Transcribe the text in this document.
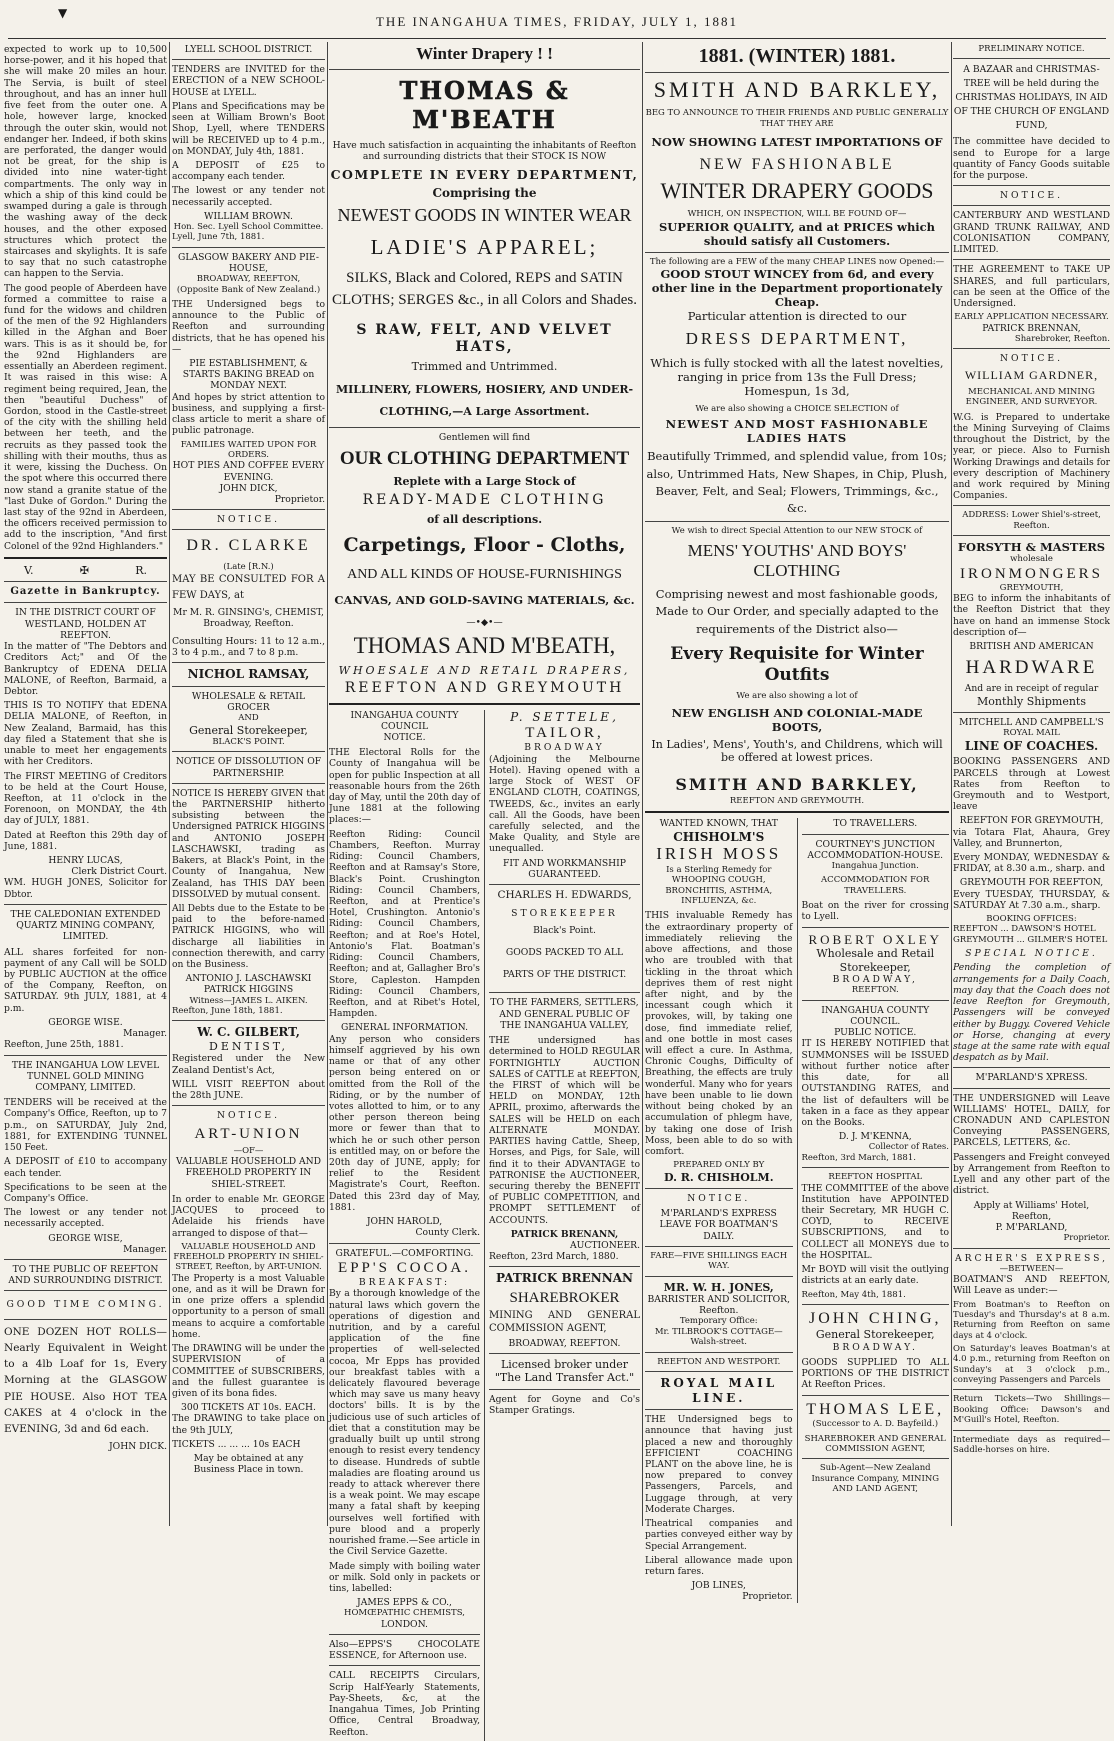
▼
THE INANGAHUA TIMES, FRIDAY, JULY 1, 1881

expected to work up to 10,500 horse-power, and it his hoped that she will make 20 miles an hour. The Servia, is built of steel throughout, and has an inner hull five feet from the outer one. A hole, however large, knocked through the outer skin, would not endanger her. Indeed, if both skins are perforated, the danger would not be great, for the ship is divided into nine water-tight compartments. The only way in which a ship of this kind could be swamped during a gale is through the washing away of the deck houses, and the other exposed structures which protect the staircases and skylights. It is safe to say that no such catastrophe can happen to the Servia.

The good people of Aberdeen have formed a committee to raise a fund for the widows and children of the men of the 92 Highlanders killed in the Afghan and Boer wars. This is as it should be, for the 92nd Highlanders are essentially an Aberdeen regiment. It was raised in this wise: A regiment being required, Jean, the then "beautiful Duchess" of Gordon, stood in the Castle-street of the city with the shilling held between her teeth, and the recruits as they passed took the shilling with their mouths, thus as it were, kissing the Duchess. On the spot where this occurred there now stand a granite statue of the "last Duke of Gordon." During the last stay of the 92nd in Aberdeen, the officers received permission to add to the inscription, "And first Colonel of the 92nd Highlanders."

V.	✠	R.
Gazette in Bankruptcy.
IN THE DISTRICT COURT OF WESTLAND, HOLDEN AT REEFTON.

In the matter of "The Debtors and Creditors Act;" and Of the Bankruptcy of EDENA DELIA MALONE, of Reefton, Barmaid, a Debtor.

THIS IS TO NOTIFY that EDENA DELIA MALONE, of Reefton, in New Zealand, Barmaid, has this day filed a Statement that she is unable to meet her engagements with her Creditors.

The FIRST MEETING of Creditors to be held at the Court House, Reefton, at 11 o'clock in the Forenoon, on MONDAY, the 4th day of JULY, 1881.

Dated at Reefton this 29th day of June, 1881.

HENRY LUCAS,
Clerk District Court.

WM. HUGH JONES, Solicitor for Dbtor.

THE CALEDONIAN EXTENDED QUARTZ MINING COMPANY, LIMITED.

ALL shares forfeited for non-payment of any Call will be SOLD by PUBLIC AUCTION at the office of the Company, Reefton, on SATURDAY. 9th JULY, 1881, at 4 p.m.

GEORGE WISE.
Manager.

Reefton, June 25th, 1881.

THE INANGAHUA LOW LEVEL TUNNEL GOLD MINING COMPANY, LIMITED.

TENDERS will be received at the Company's Office, Reefton, up to 7 p.m., on SATURDAY, July 2nd, 1881, for EXTENDING TUNNEL 150 Feet.

A DEPOSIT of £10 to accompany each tender.

Specifications to be seen at the Company's Office.

The lowest or any tender not necessarily accepted.

GEORGE WISE,
Manager.
TO THE PUBLIC OF REEFTON AND SURROUNDING DISTRICT.
GOOD TIME COMING.

ONE DOZEN HOT ROLLS— Nearly Equivalent in Weight to a 4lb Loaf for 1s, Every Morning at the GLASGOW PIE HOUSE. Also HOT TEA CAKES at 4 o'clock in the EVENING, 3d and 6d each.

JOHN DICK.
LYELL SCHOOL DISTRICT.

TENDERS are INVITED for the ERECTION of a NEW SCHOOL-HOUSE at LYELL.

Plans and Specifications may be seen at William Brown's Boot Shop, Lyell, where TENDERS will be RECEIVED up to 4 p.m., on MONDAY, July 4th, 1881.

A DEPOSIT of £25 to accompany each tender.

The lowest or any tender not necessarily accepted.

WILLIAM BROWN.
Hon. Sec. Lyell School Committee.

Lyell, June 7th, 1881.

GLASGOW BAKERY AND PIE-HOUSE,
BROADWAY, REEFTON,
(Opposite Bank of New Zealand.)

THE Undersigned begs to announce to the Public of Reefton and surrounding districts, that he has opened his—

PIE ESTABLISHMENT, & STARTS BAKING BREAD on MONDAY NEXT.

And hopes by strict attention to business, and supplying a first-class article to merit a share of public patronage.

FAMILIES WAITED UPON FOR ORDERS.
HOT PIES AND COFFEE EVERY EVENING.
JOHN DICK,
Proprietor.
NOTICE.
DR. CLARKE
(Late [R.N.)

MAY BE CONSULTED FOR A FEW DAYS, at

Mr M. R. GINSING's, CHEMIST, Broadway, Reefton.

Consulting Hours: 11 to 12 a.m., 3 to 4 p.m., and 7 to 8 p.m.

NICHOL RAMSAY,
WHOLESALE & RETAIL GROCER
AND
General Storekeeper,
BLACK'S POINT.
NOTICE OF DISSOLUTION OF PARTNERSHIP.

NOTICE IS HEREBY GIVEN that the PARTNERSHIP hitherto subsisting between the Undersigned PATRICK HIGGINS and ANTONIO JOSEPH LASCHAWSKI, trading as Bakers, at Black's Point, in the County of Inangahua, New Zealand, has THIS DAY been DISSOLVED by mutual consent.

All Debts due to the Estate to be paid to the before-named PATRICK HIGGINS, who will discharge all liabilities in connection therewith, and carry on the Business.

ANTONIO J. LASCHAWSKI
PATRICK HIGGINS
Witness—JAMES L. AIKEN.

Reefton, June 18th, 1881.

W. C. GILBERT,
DENTIST,

Registered under the New Zealand Dentist's Act,

WILL VISIT REEFTON about the 28th JUNE.

NOTICE.
ART-UNION
—OF—
VALUABLE HOUSEHOLD AND FREEHOLD PROPERTY IN SHIEL-STREET.

In order to enable Mr. GEORGE JACQUES to proceed to Adelaide his friends have arranged to dispose of that—

VALUABLE HOUSEHOLD AND FREEHOLD PROPERTY IN SHIEL-STREET, Reefton, by ART-UNION.

The Property is a most Valuable one, and as it will be Drawn for in one prize offers a splendid opportunity to a person of small means to acquire a comfortable home.

The DRAWING will be under the SUPERVISION of a COMMITTEE of SUBSCRIBERS, and the fullest guarantee is given of its bona fides.

300 TICKETS AT 10s. EACH.

The DRAWING to take place on the 9th JULY,

TICKETS ... ... ... 10s EACH

May be obtained at any Business Place in town.
Winter Drapery ! !
THOMAS & M'BEATH
Have much satisfaction in acquainting the inhabitants of Reefton and surrounding districts that their STOCK IS NOW
COMPLETE IN EVERY DEPARTMENT,
Comprising the
NEWEST GOODS IN WINTER WEAR
LADIE'S APPAREL;
SILKS, Black and Colored, REPS and SATIN CLOTHS; SERGES &c., in all Colors and Shades.
S RAW, FELT, AND VELVET HATS,
Trimmed and Untrimmed.
MILLINERY, FLOWERS, HOSIERY, AND UNDER-CLOTHING,—A Large Assortment.
Gentlemen will find
OUR CLOTHING DEPARTMENT
Replete with a Large Stock of
READY-MADE CLOTHING
of all descriptions.
Carpetings, Floor - Cloths,
AND ALL KINDS OF HOUSE-FURNISHINGS
CANVAS, AND GOLD-SAVING MATERIALS, &c.
—•◆•—
THOMAS AND M'BEATH,
WHOESALE AND RETAIL DRAPERS,
REEFTON AND GREYMOUTH
INANGAHUA COUNTY COUNCIL
NOTICE.

THE Electoral Rolls for the County of Inangahua will be open for public Inspection at all reasonable hours from the 26th day of May, until the 20th day of June 1881 at the following places:—

Reefton Riding: Council Chambers, Reefton. Murray Riding: Council Chambers, Reefton and at Ramsay's Store, Black's Point. Crushington Riding: Council Chambers, Reefton, and at Prentice's Hotel, Crushington. Antonio's Riding: Council Chambers, Reefton; and at Roe's Hotel, Antonio's Flat. Boatman's Riding: Council Chambers, Reefton; and at, Gallagher Bro's Store, Capleston. Hampden Riding: Council Chambers, Reefton, and at Ribet's Hotel, Hampden.

GENERAL INFORMATION.

Any person who considers himself aggrieved by his own name or that of any other person being entered on or omitted from the Roll of the Riding, or by the number of votes allotted to him, or to any other person thereon being more or fewer than that to which he or such other person is entitled may, on or before the 20th day of JUNE, apply; for relief to the Resident Magistrate's Court, Reefton. Dated this 23rd day of May, 1881.

JOHN HAROLD,
County Clerk.
GRATEFUL.—COMFORTING.
EPP'S COCOA.
BREAKFAST:

By a thorough knowledge of the natural laws which govern the operations of digestion and nutrition, and by a careful application of the fine properties of well-selected cocoa, Mr Epps has provided our breakfast tables with a delicately flavoured beverage which may save us many heavy doctors' bills. It is by the judicious use of such articles of diet that a constitution may be gradually built up until strong enough to resist every tendency to disease. Hundreds of subtle maladies are floating around us ready to attack wherever there is a weak point. We may escape many a fatal shaft by keeping ourselves well fortified with pure blood and a properly nourished frame.—See article in the Civil Service Gazette.

Made simply with boiling water or milk. Sold only in packets or tins, labelled:

JAMES EPPS & CO.,
HOMŒPATHIC CHEMISTS,
LONDON.

Also—EPPS'S CHOCOLATE ESSENCE, for Afternoon use.

CALL RECEIPTS Circulars, Scrip Half-Yearly Statements, Pay-Sheets, &c, at the Inangahua Times, Job Printing Office, Central Broadway, Reefton.

P. SETTELE,
TAILOR,
BROADWAY

(Adjoining the Melbourne Hotel). Having opened with a large Stock of WEST OF ENGLAND CLOTH, COATINGS, TWEEDS, &c., invites an early call. All the Goods, have been carefully selected, and the Make Quality, and Style are unequalled.

FIT AND WORKMANSHIP GUARANTEED.
CHARLES H. EDWARDS,
STOREKEEPER
Black's Point.
GOODS PACKED TO ALL PARTS OF THE DISTRICT.
TO THE FARMERS, SETTLERS, AND GENERAL PUBLIC OF THE INANGAHUA VALLEY,

THE undersigned has determined to HOLD REGULAR FORTNIGHTLY AUCTION SALES of CATTLE at REEFTON, the FIRST of which will be HELD on MONDAY, 12th APRIL, proximo, afterwards the SALES will be HELD on each ALTERNATE MONDAY. PARTIES having Cattle, Sheep, Horses, and Pigs, for Sale, will find it to their ADVANTAGE to PATRONISE the AUCTIONEER, securing thereby the BENEFIT of PUBLIC COMPETITION, and PROMPT SETTLEMENT of ACCOUNTS.

PATRICK BRENANN,
AUCTIONEER.

Reefton, 23rd March, 1880.

PATRICK BRENNAN
SHAREBROKER

MINING AND GENERAL COMMISSION AGENT,

BROADWAY, REEFTON.
Licensed broker under "The Land Transfer Act."

Agent for Goyne and Co's Stamper Gratings.

1881. (WINTER) 1881.
SMITH AND BARKLEY,
BEG TO ANNOUNCE TO THEIR FRIENDS AND PUBLIC GENERALLY THAT THEY ARE
NOW SHOWING LATEST IMPORTATIONS OF
NEW FASHIONABLE
WINTER DRAPERY GOODS
WHICH, ON INSPECTION, WILL BE FOUND OF—
SUPERIOR QUALITY, and at PRICES which should satisfy all Customers.
The following are a FEW of the many CHEAP LINES now Opened:—
GOOD STOUT WINCEY from 6d, and every other line in the Department proportionately Cheap.
Particular attention is directed to our
DRESS DEPARTMENT,
Which is fully stocked with all the latest novelties, ranging in price from 13s the Full Dress; Homespun, 1s 3d,
We are also showing a CHOICE SELECTION of
NEWEST AND MOST FASHIONABLE LADIES HATS
Beautifully Trimmed, and splendid value, from 10s; also, Untrimmed Hats, New Shapes, in Chip, Plush, Beaver, Felt, and Seal; Flowers, Trimmings, &c., &c.
We wish to direct Special Attention to our NEW STOCK of
MENS' YOUTHS' AND BOYS' CLOTHING
Comprising newest and most fashionable goods, Made to Our Order, and specially adapted to the requirements of the District also—
Every Requisite for Winter Outfits
We are also showing a lot of
NEW ENGLISH AND COLONIAL-MADE BOOTS,
In Ladies', Mens', Youth's, and Childrens, which will be offered at lowest prices.
SMITH AND BARKLEY,
REEFTON AND GREYMOUTH.
WANTED KNOWN, THAT
CHISHOLM'S
IRISH MOSS
Is a Sterling Remedy for WHOOPING COUGH, BRONCHITIS, ASTHMA, INFLUENZA, &c.

THIS invaluable Remedy has the extraordinary property of immediately relieving the above affections, and those who are troubled with that tickling in the throat which deprives them of rest night after night, and by the incessant cough which it provokes, will, by taking one dose, find immediate relief, and one bottle in most cases will effect a cure. In Asthma, Chronic Coughs, Difficulty of Breathing, the effects are truly wonderful. Many who for years have been unable to lie down without being choked by an accumulation of phlegm have, by taking one dose of Irish Moss, been able to do so with comfort.

PREPARED ONLY BY
D. R. CHISHOLM.
NOTICE.
M'PARLAND'S EXPRESS LEAVE FOR BOATMAN'S DAILY.
FARE—FIVE SHILLINGS EACH WAY.
MR. W. H. JONES,
BARRISTER AND SOLICITOR, Reefton.
Temporary Office:
Mr. TILBROOK'S COTTAGE—Walsh-street.
REEFTON AND WESTPORT.
ROYAL MAIL LINE.

THE Undersigned begs to announce that having just placed a new and thoroughly EFFICIENT COACHING PLANT on the above line, he is now prepared to convey Passengers, Parcels, and Luggage through, at very Moderate Charges.

Theatrical companies and parties conveyed either way by Special Arrangement.

Liberal allowance made upon return fares.

JOB LINES,
Proprietor.
TO TRAVELLERS.
COURTNEY'S JUNCTION ACCOMMODATION-HOUSE.
Inangahua Junction.
ACCOMMODATION FOR TRAVELLERS.

Boat on the river for crossing to Lyell.

ROBERT OXLEY
Wholesale and Retail Storekeeper,
BROADWAY,
REEFTON.
INANGAHUA COUNTY COUNCIL.
PUBLIC NOTICE.

IT IS HEREBY NOTIFIED that SUMMONSES will be ISSUED without further notice after this date, for all OUTSTANDING RATES, and the list of defaulters will be taken in a face as they appear on the Books.

D. J. M'KENNA,
Collector of Rates.

Reefton, 3rd March, 1881.

REEFTON HOSPITAL

THE COMMITTEE of the above Institution have APPOINTED their Secretary, MR HUGH C. COYD, to RECEIVE SUBSCRIPTIONS, and to COLLECT all MONEYS due to the HOSPITAL.

Mr BOYD will visit the outlying districts at an early date.

Reefton, May 4th, 1881.

JOHN CHING,
General Storekeeper,
BROADWAY.

GOODS SUPPLIED TO ALL PORTIONS OF THE DISTRICT At Reefton Prices.

THOMAS LEE,
(Successor to A. D. Bayfeild.)
SHAREBROKER AND GENERAL COMMISSION AGENT,
Sub-Agent—New Zealand Insurance Company, MINING AND LAND AGENT,
PRELIMINARY NOTICE.
A BAZAAR and CHRISTMAS-TREE will be held during the CHRISTMAS HOLIDAYS, IN AID OF THE CHURCH OF ENGLAND FUND,

The committee have decided to send to Europe for a large quantity of Fancy Goods suitable for the purpose.

NOTICE.

CANTERBURY AND WESTLAND GRAND TRUNK RAILWAY, AND COLONISATION COMPANY, LIMITED.

THE AGREEMENT to TAKE UP SHARES, and full particulars, can be seen at the Office of the Undersigned.

EARLY APPLICATION NECESSARY.
PATRICK BRENNAN,
Sharebroker, Reefton.
NOTICE.
WILLIAM GARDNER,
MECHANICAL AND MINING ENGINEER, AND SURVEYOR.

W.G. is Prepared to undertake the Mining Surveying of Claims throughout the District, by the year, or piece. Also to Furnish Working Drawings and details for every description of Machinery and work required by Mining Companies.

ADDRESS: Lower Shiel's-street, Reefton.
FORSYTH & MASTERS
wholesale
IRONMONGERS
GREYMOUTH,

BEG to inform the inhabitants of the Reefton District that they have on hand an immense Stock description of—

BRITISH AND AMERICAN
HARDWARE
And are in receipt of regular
Monthly Shipments
MITCHELL AND CAMPBELL'S
ROYAL MAIL
LINE OF COACHES.

BOOKING PASSENGERS AND PARCELS through at Lowest Rates from Reefton to Greymouth and to Westport, leave

REEFTON FOR GREYMOUTH,

via Totara Flat, Ahaura, Grey Valley, and Brunnerton,

Every MONDAY, WEDNESDAY & FRIDAY, at 8.30 a.m., sharp. and

GREYMOUTH FOR REEFTON,

Every TUESDAY, THURSDAY, & SATURDAY At 7.30 a.m., sharp.

BOOKING OFFICES:
REEFTON ... DAWSON'S HOTEL
GREYMOUTH ... GILMER'S HOTEL
SPECIAL NOTICE.

Pending the completion of arrangements for a Daily Coach, may day that the Coach does not leave Reefton for Greymouth, Passengers will be conveyed either by Buggy. Covered Vehicle or Horse, changing at every stage at the same rate with equal despatch as by Mail.

M'PARLAND'S XPRESS.

THE UNDERSIGNED will Leave WILLIAMS' HOTEL, DAILY, for CRONADUN AND CAPLESTON Conveying PASSENGERS, PARCELS, LETTERS, &c.

Passengers and Freight conveyed by Arrangement from Reefton to Lyell and any other part of the district.

Apply at Williams' Hotel, Reefton,
P. M'PARLAND,
Proprietor.
ARCHER'S EXPRESS,
—BETWEEN—

BOATMAN'S AND REEFTON, Will Leave as under:—

From Boatman's to Reefton on Tuesday's and Thursday's at 8 a.m. Returning from Reefton on same days at 4 o'clock.

On Saturday's leaves Boatman's at 4.0 p.m., returning from Reefton on Sunday's at 3 o'clock p.m., conveying Passengers and Parcels

Return Tickets—Two Shillings—Booking Office: Dawson's and M'Guill's Hotel, Reefton.

Intermediate days as required—Saddle-horses on hire.
